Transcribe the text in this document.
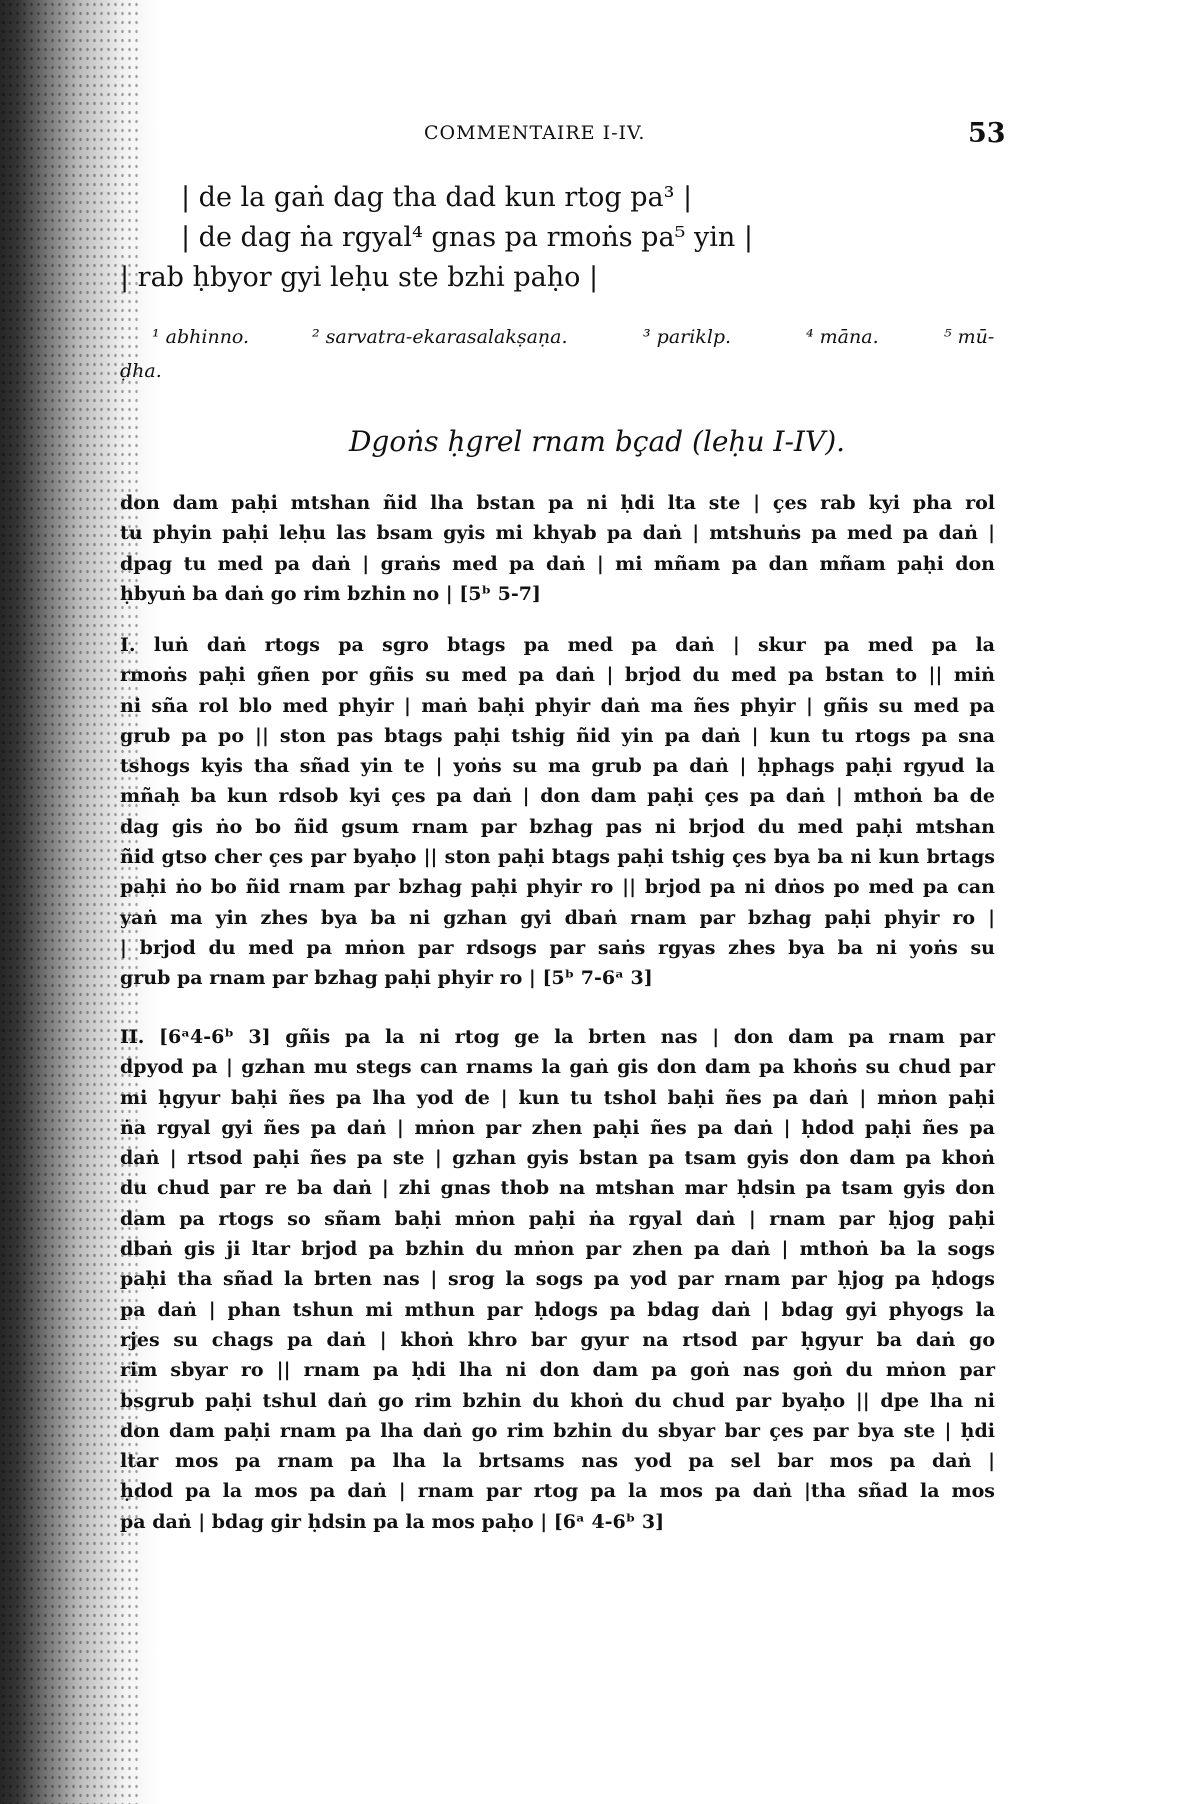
COMMENTAIRE I-IV.	53
| de la gaṅ dag tha dad kun rtog pa³ |
| de dag ṅa rgyal⁴ gnas pa rmoṅs pa⁵ yin |
| rab ḥbyor gyi leḥu ste bzhi paḥo |
¹ abhinno.	² sarvatra-ekarasalakṣaṇa.	³ pariklp.	⁴ māna.	⁵ mū-
ḍha.
Dgoṅs ḥgrel rnam bçad (leḥu I-IV).
don dam paḥi mtshan ñid lha bstan pa ni ḥdi lta ste | çes rab kyi pha rol
tu phyin paḥi leḥu las bsam gyis mi khyab pa daṅ | mtshuṅs pa med pa daṅ |
dpag tu med pa daṅ | graṅs med pa daṅ | mi mñam pa dan mñam paḥi don
ḥbyuṅ ba daṅ go rim bzhin no | [5ᵇ 5-7]
I. luṅ daṅ rtogs pa sgro btags pa med pa daṅ | skur pa med pa la
rmoṅs paḥi gñen por gñis su med pa daṅ | brjod du med pa bstan to || miṅ
ni sña rol blo med phyir | maṅ baḥi phyir daṅ ma ñes phyir | gñis su med pa
grub pa po || ston pas btags paḥi tshig ñid yin pa daṅ | kun tu rtogs pa sna
tshogs kyis tha sñad yin te | yoṅs su ma grub pa daṅ | ḥphags paḥi rgyud la
mñaḥ ba kun rdsob kyi çes pa daṅ | don dam paḥi çes pa daṅ | mthoṅ ba de
dag gis ṅo bo ñid gsum rnam par bzhag pas ni brjod du med paḥi mtshan
ñid gtso cher çes par byaḥo || ston paḥi btags paḥi tshig çes bya ba ni kun brtags
paḥi ṅo bo ñid rnam par bzhag paḥi phyir ro || brjod pa ni dṅos po med pa can
yaṅ ma yin zhes bya ba ni gzhan gyi dbaṅ rnam par bzhag paḥi phyir ro |
| brjod du med pa mṅon par rdsogs par saṅs rgyas zhes bya ba ni yoṅs su
grub pa rnam par bzhag paḥi phyir ro | [5ᵇ 7-6ᵃ 3]
II. [6ᵃ4-6ᵇ 3] gñis pa la ni rtog ge la brten nas | don dam pa rnam par
dpyod pa | gzhan mu stegs can rnams la gaṅ gis don dam pa khoṅs su chud par
mi ḥgyur baḥi ñes pa lha yod de | kun tu tshol baḥi ñes pa daṅ | mṅon paḥi
ṅa rgyal gyi ñes pa daṅ | mṅon par zhen paḥi ñes pa daṅ | ḥdod paḥi ñes pa
daṅ | rtsod paḥi ñes pa ste | gzhan gyis bstan pa tsam gyis don dam pa khoṅ
du chud par re ba daṅ | zhi gnas thob na mtshan mar ḥdsin pa tsam gyis don
dam pa rtogs so sñam baḥi mṅon paḥi ṅa rgyal daṅ | rnam par ḥjog paḥi
dbaṅ gis ji ltar brjod pa bzhin du mṅon par zhen pa daṅ | mthoṅ ba la sogs
paḥi tha sñad la brten nas | srog la sogs pa yod par rnam par ḥjog pa ḥdogs
pa daṅ | phan tshun mi mthun par ḥdogs pa bdag daṅ | bdag gyi phyogs la
rjes su chags pa daṅ | khoṅ khro bar gyur na rtsod par ḥgyur ba daṅ go
rim sbyar ro || rnam pa ḥdi lha ni don dam pa goṅ nas goṅ du mṅon par
bsgrub paḥi tshul daṅ go rim bzhin du khoṅ du chud par byaḥo || dpe lha ni
don dam paḥi rnam pa lha daṅ go rim bzhin du sbyar bar çes par bya ste | ḥdi
ltar mos pa rnam pa lha la brtsams nas yod pa sel bar mos pa daṅ |
ḥdod pa la mos pa daṅ | rnam par rtog pa la mos pa daṅ |tha sñad la mos
pa daṅ | bdag gir ḥdsin pa la mos paḥo | [6ᵃ 4-6ᵇ 3]
